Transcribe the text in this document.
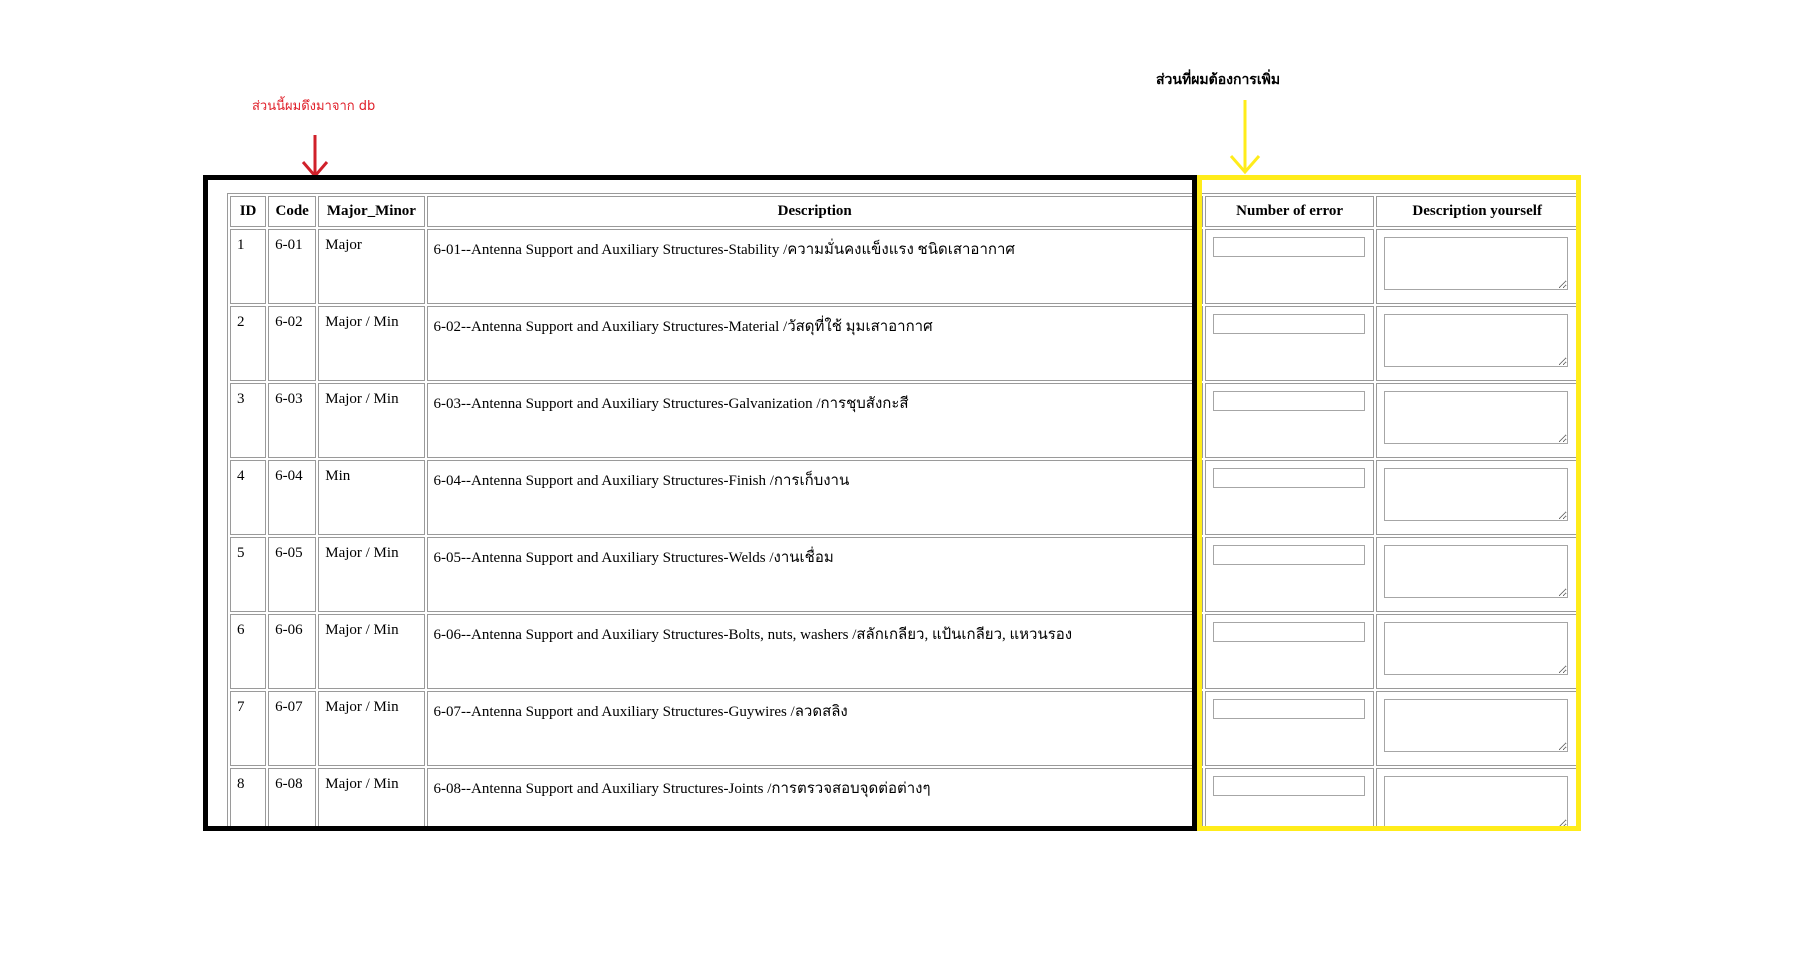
ส่วนนี้ผมดึงมาจาก db
ส่วนที่ผมต้องการเพิ่ม
ID	Code	Major_Minor	Description	Number of error	Description yourself
1	6-01	Major	6-01--Antenna Support and Auxiliary Structures-Stability /ความมั่นคงแข็งแรง ชนิดเสาอากาศ	

2	6-02	Major / Min	6-02--Antenna Support and Auxiliary Structures-Material /วัสดุที่ใช้ มุมเสาอากาศ	

3	6-03	Major / Min	6-03--Antenna Support and Auxiliary Structures-Galvanization /การชุบสังกะสี	

4	6-04	Min	6-04--Antenna Support and Auxiliary Structures-Finish /การเก็บงาน	

5	6-05	Major / Min	6-05--Antenna Support and Auxiliary Structures-Welds /งานเชื่อม	

6	6-06	Major / Min	6-06--Antenna Support and Auxiliary Structures-Bolts, nuts, washers /สลักเกลียว, แป้นเกลียว, แหวนรอง	

7	6-07	Major / Min	6-07--Antenna Support and Auxiliary Structures-Guywires /ลวดสลิง	

8	6-08	Major / Min	6-08--Antenna Support and Auxiliary Structures-Joints /การตรวจสอบจุดต่อต่างๆ	
